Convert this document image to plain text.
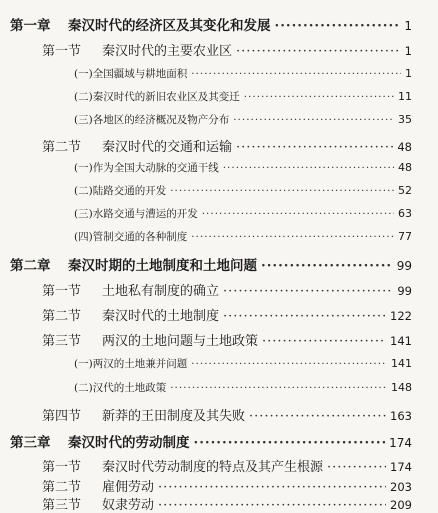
第一章 秦汉时代的经济区及其变化和发展 ·····	1
第一节 秦汉时代的主要农业区 ·····	1
(一)全国疆域与耕地面积 ·····	1
(二)秦汉时代的新旧农业区及其变迁 ·····	11
(三)各地区的经济概况及物产分布 ·····	35
第二节 秦汉时代的交通和运输 ·····	48
(一)作为全国大动脉的交通干线 ·····	48
(二)陆路交通的开发 ·····	52
(三)水路交通与漕运的开发 ·····	63
(四)管制交通的各种制度 ·····	77
第二章 秦汉时期的土地制度和土地问题 ·····	99
第一节 土地私有制度的确立 ·····	99
第二节 秦汉时代的土地制度 ·····	122
第三节 两汉的土地问题与土地政策 ·····	141
(一)两汉的土地兼并问题 ·····	141
(二)汉代的土地政策 ·····	148
第四节 新莽的王田制度及其失败 ·····	163
第三章 秦汉时代的劳动制度 ·····	174
第一节 秦汉时代劳动制度的特点及其产生根源 ·····	174
第二节 雇佣劳动 ·····	203
第三节 奴隶劳动 ·····	209
